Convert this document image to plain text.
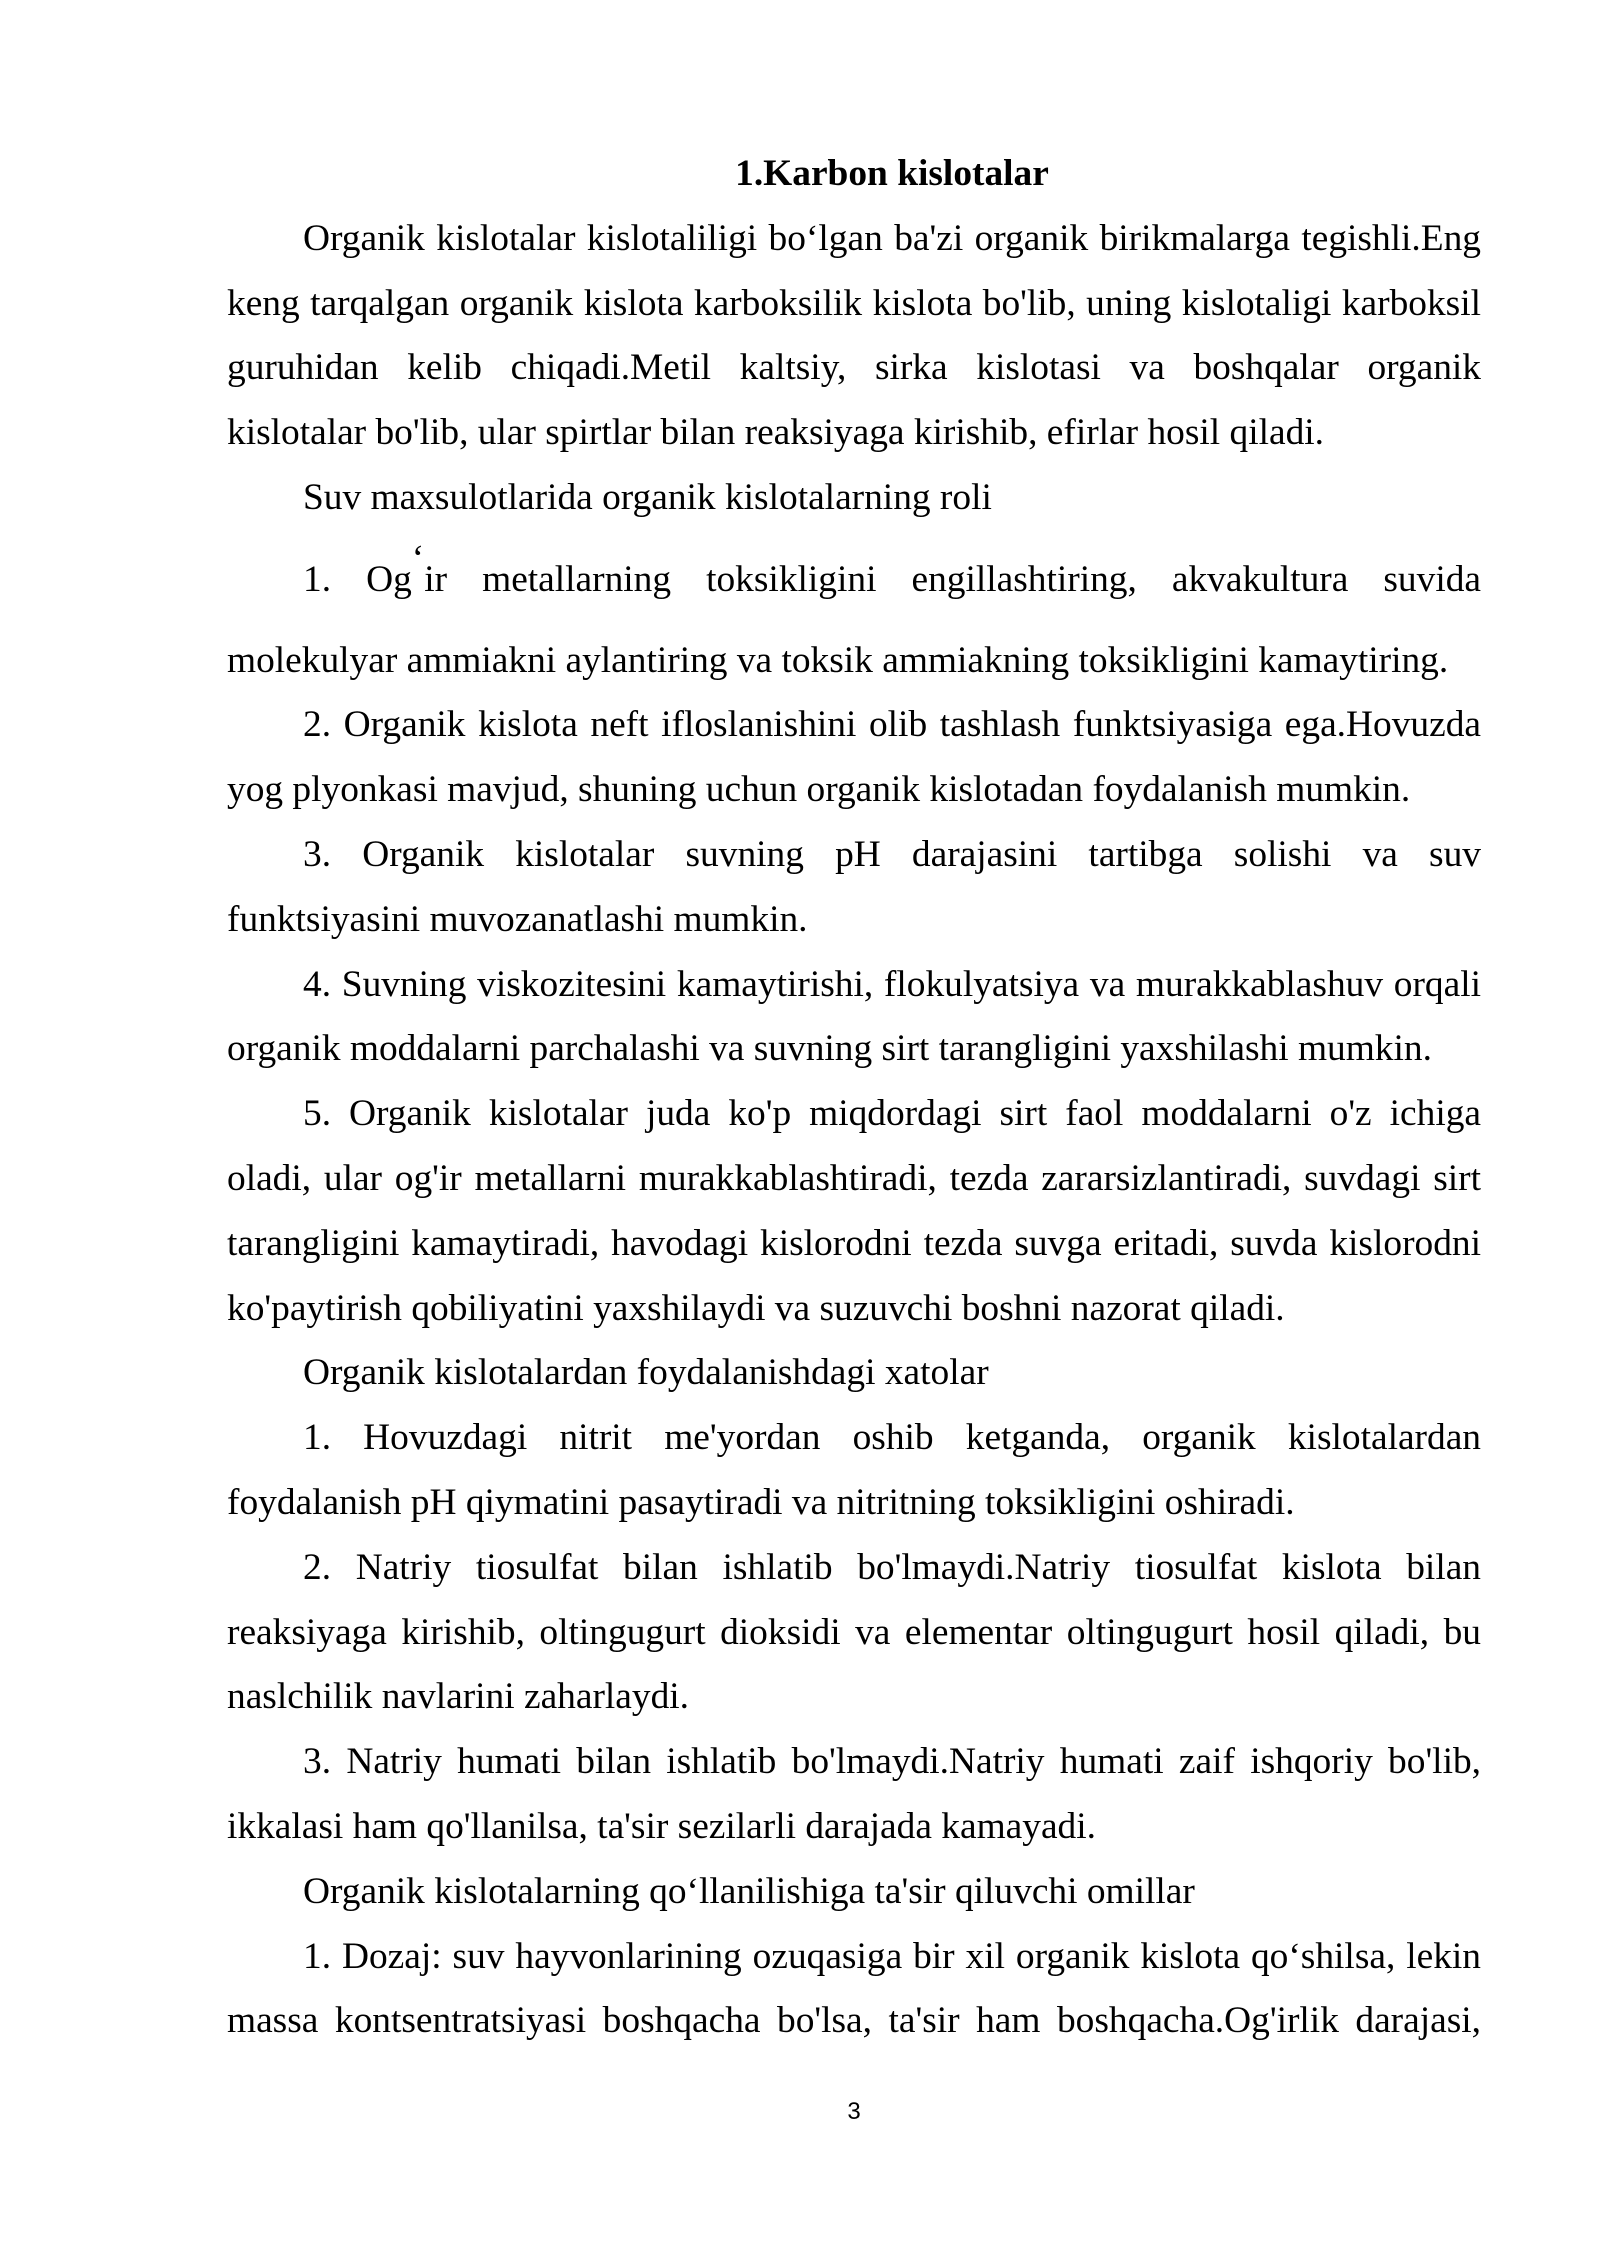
1.Karbon kislotalar
Organik kislotalar kislotaliligi bo‘lgan ba'zi organik birikmalarga tegishli.Eng
keng tarqalgan organik kislota karboksilik kislota bo'lib, uning kislotaligi karboksil
guruhidan kelib chiqadi.Metil kaltsiy, sirka kislotasi va boshqalar organik
kislotalar bo'lib, ular spirtlar bilan reaksiyaga kirishib, efirlar hosil qiladi.
Suv maxsulotlarida organik kislotalarning roli
1. Ogʻir metallarning toksikligini engillashtiring, akvakultura suvida
molekulyar ammiakni aylantiring va toksik ammiakning toksikligini kamaytiring.
2. Organik kislota neft ifloslanishini olib tashlash funktsiyasiga ega.Hovuzda
yog plyonkasi mavjud, shuning uchun organik kislotadan foydalanish mumkin.
3. Organik kislotalar suvning pH darajasini tartibga solishi va suv
funktsiyasini muvozanatlashi mumkin.
4. Suvning viskozitesini kamaytirishi, flokulyatsiya va murakkablashuv orqali
organik moddalarni parchalashi va suvning sirt tarangligini yaxshilashi mumkin.
5. Organik kislotalar juda ko'p miqdordagi sirt faol moddalarni o'z ichiga
oladi, ular og'ir metallarni murakkablashtiradi, tezda zararsizlantiradi, suvdagi sirt
tarangligini kamaytiradi, havodagi kislorodni tezda suvga eritadi, suvda kislorodni
ko'paytirish qobiliyatini yaxshilaydi va suzuvchi boshni nazorat qiladi.
Organik kislotalardan foydalanishdagi xatolar
1. Hovuzdagi nitrit me'yordan oshib ketganda, organik kislotalardan
foydalanish pH qiymatini pasaytiradi va nitritning toksikligini oshiradi.
2. Natriy tiosulfat bilan ishlatib bo'lmaydi.Natriy tiosulfat kislota bilan
reaksiyaga kirishib, oltingugurt dioksidi va elementar oltingugurt hosil qiladi, bu
naslchilik navlarini zaharlaydi.
3. Natriy humati bilan ishlatib bo'lmaydi.Natriy humati zaif ishqoriy bo'lib,
ikkalasi ham qo'llanilsa, ta'sir sezilarli darajada kamayadi.
Organik kislotalarning qo‘llanilishiga ta'sir qiluvchi omillar
1. Dozaj: suv hayvonlarining ozuqasiga bir xil organik kislota qo‘shilsa, lekin
massa kontsentratsiyasi boshqacha bo'lsa, ta'sir ham boshqacha.Og'irlik darajasi,
3
